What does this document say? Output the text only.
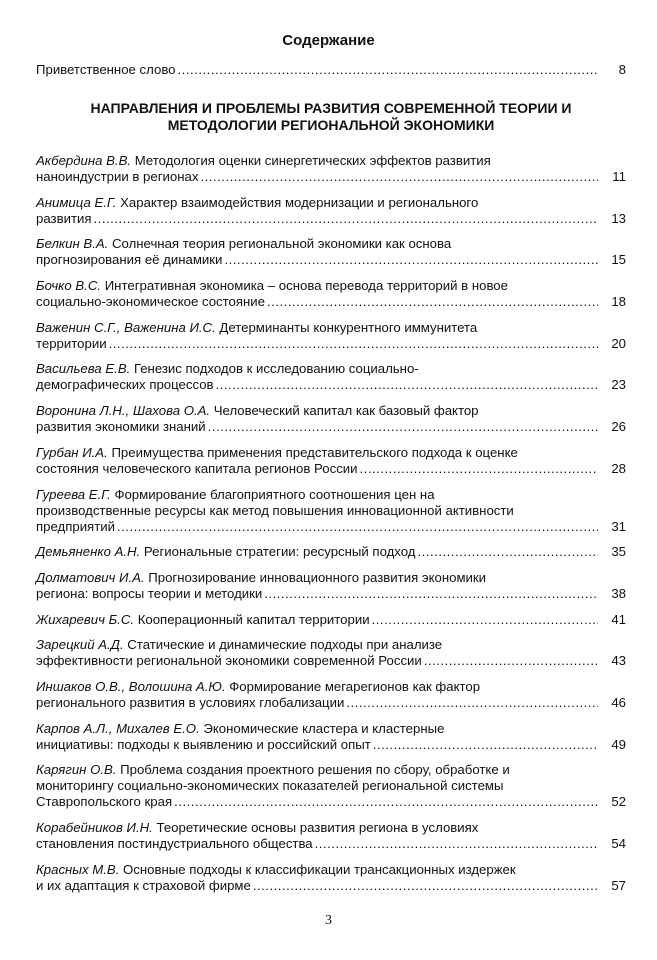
Содержание
Приветственное слово .....	8
НАПРАВЛЕНИЯ И ПРОБЛЕМЫ РАЗВИТИЯ СОВРЕМЕННОЙ ТЕОРИИ И
МЕТОДОЛОГИИ РЕГИОНАЛЬНОЙ ЭКОНОМИКИ
Акбердина В.В. Методология оценки синергетических эффектов развития
наноиндустрии в регионах .....	11
Анимица Е.Г. Характер взаимодействия модернизации и регионального
развития .....	13
Белкин В.А. Солнечная теория региональной экономики как основа
прогнозирования её динамики .....	15
Бочко В.С. Интегративная экономика – основа перевода территорий в новое
социально-экономическое состояние .....	18
Важенин С.Г., Важенина И.С. Детерминанты конкурентного иммунитета
территории .....	20
Васильева Е.В. Генезис подходов к исследованию социально-
демографических процессов .....	23
Воронина Л.Н., Шахова О.А. Человеческий капитал как базовый фактор
развития экономики знаний .....	26
Гурбан И.А. Преимущества применения представительского подхода к оценке
состояния человеческого капитала регионов России .....	28
Гуреева Е.Г. Формирование благоприятного соотношения цен на
производственные ресурсы как метод повышения инновационной активности
предприятий .....	31
Демьяненко А.Н. Региональные стратегии: ресурсный подход .....	35
Долматович И.А. Прогнозирование инновационного развития экономики
региона: вопросы теории и методики .....	38
Жихаревич Б.С. Кооперационный капитал территории .....	41
Зарецкий А.Д. Статические и динамические подходы при анализе
эффективности региональной экономики современной России .....	43
Иншаков О.В., Волошина А.Ю. Формирование мегарегионов как фактор
регионального развития в условиях глобализации .....	46
Карпов А.Л., Михалев Е.О. Экономические кластера и кластерные
инициативы: подходы к выявлению и российский опыт .....	49
Карягин О.В. Проблема создания проектного решения по сбору, обработке и
мониторингу социально-экономических показателей региональной системы
Ставропольского края .....	52
Корабейников И.Н. Теоретические основы развития региона в условиях
становления постиндустриального общества .....	54
Красных М.В. Основные подходы к классификации трансакционных издержек
и их адаптация к страховой фирме .....	57
3
